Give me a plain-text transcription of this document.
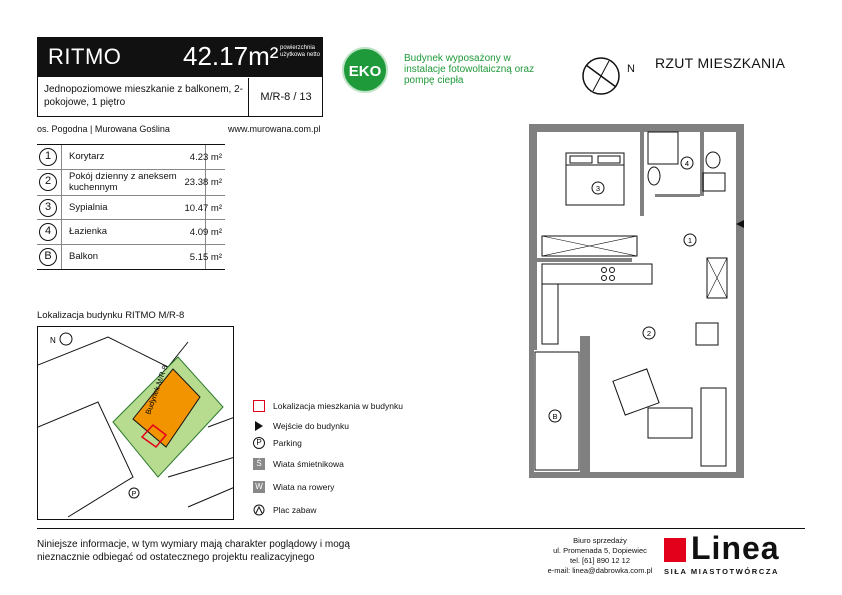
RITMO 42.17m² powierzchnia użytkowa netto
Jednopoziomowe mieszkanie z balkonem, 2-pokojowe, 1 piętro	M/R-8 / 13
os. Pogodna | Murowana Goślina	www.murowana.com.pl
1	Korytarz	4.23 m²
2	Pokój dzienny z aneksem kuchennym	23.38 m²
3	Sypialnia	10.47 m²
4	Łazienka	4.09 m²
B	Balkon	5.15 m²
EKO
Budynek wyposażony w instalacje fotowoltaiczną oraz pompę ciepła
N RZUT MIESZKANIA
1
2
3
4
B
Lokalizacja budynku RITMO M/R-8
Budynek M/R-8
P
N
Lokalizacja mieszkania w budynku
Wejście do budynku
P	Parking
Ś	Wiata śmietnikowa
W Wiata na rowery
Plac zabaw
Niniejsze informacje, w tym wymiary mają charakter poglądowy i mogą nieznacznie odbiegać od ostatecznego projektu realizacyjnego
Biuro sprzedaży
ul. Promenada 5, Dopiewiec
tel. [61] 890 12 12
e-mail: linea@dabrowka.com.pl
Linea
SIŁA MIASTOTWÓRCZA
